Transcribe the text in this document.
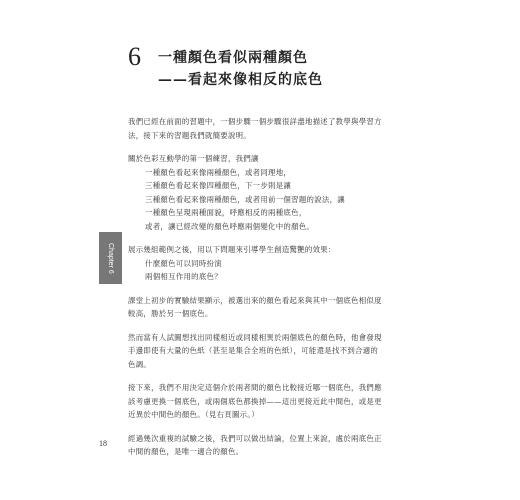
6 一種顏色看似兩種顏色
——看起來像相反的底色
Chapter 6
我們已經在前面的習題中，一個步驟一個步驟很詳盡地描述了教學與學習方
法，接下來的習題我們就簡要說明。
關於色彩互動學的第一個練習，我們讓
一種顏色看起來像兩種顏色，或者同理地，
三種顏色看起來像四種顏色，下一步則是讓
三種顏色看起來像兩種顏色，或者用前一個習題的說法，讓
一種顏色呈現兩種面貌，呼應相反的兩種底色，
或者，讓已經改變的顏色呼應兩個變化中的顏色。
展示幾組範例之後，用以下問題來引導學生創造驚艷的效果：
什麼顏色可以同時扮演
兩個相互作用的底色？
課堂上初步的實驗結果顯示，被選出來的顏色看起來與其中一個底色相似度
較高，勝於另一個底色。
然而當有人試圖想找出同樣相近或同樣相異於兩個底色的顏色時，他會發現
手邊即使有大量的色紙（甚至是集合全班的色紙），可能還是找不到合適的
色調。
接下來，我們不用決定這個介於兩者間的顏色比較接近哪一個底色，我們應
該考慮更換一個底色，或兩個底色都換掉——這出更接近此中間色，或是更
近異於中間色的顏色。（見右頁圖示。）
經過幾次重複的試驗之後，我們可以做出結論，位置上來說，處於兩底色正
中間的顏色，是唯一適合的顏色。
18
